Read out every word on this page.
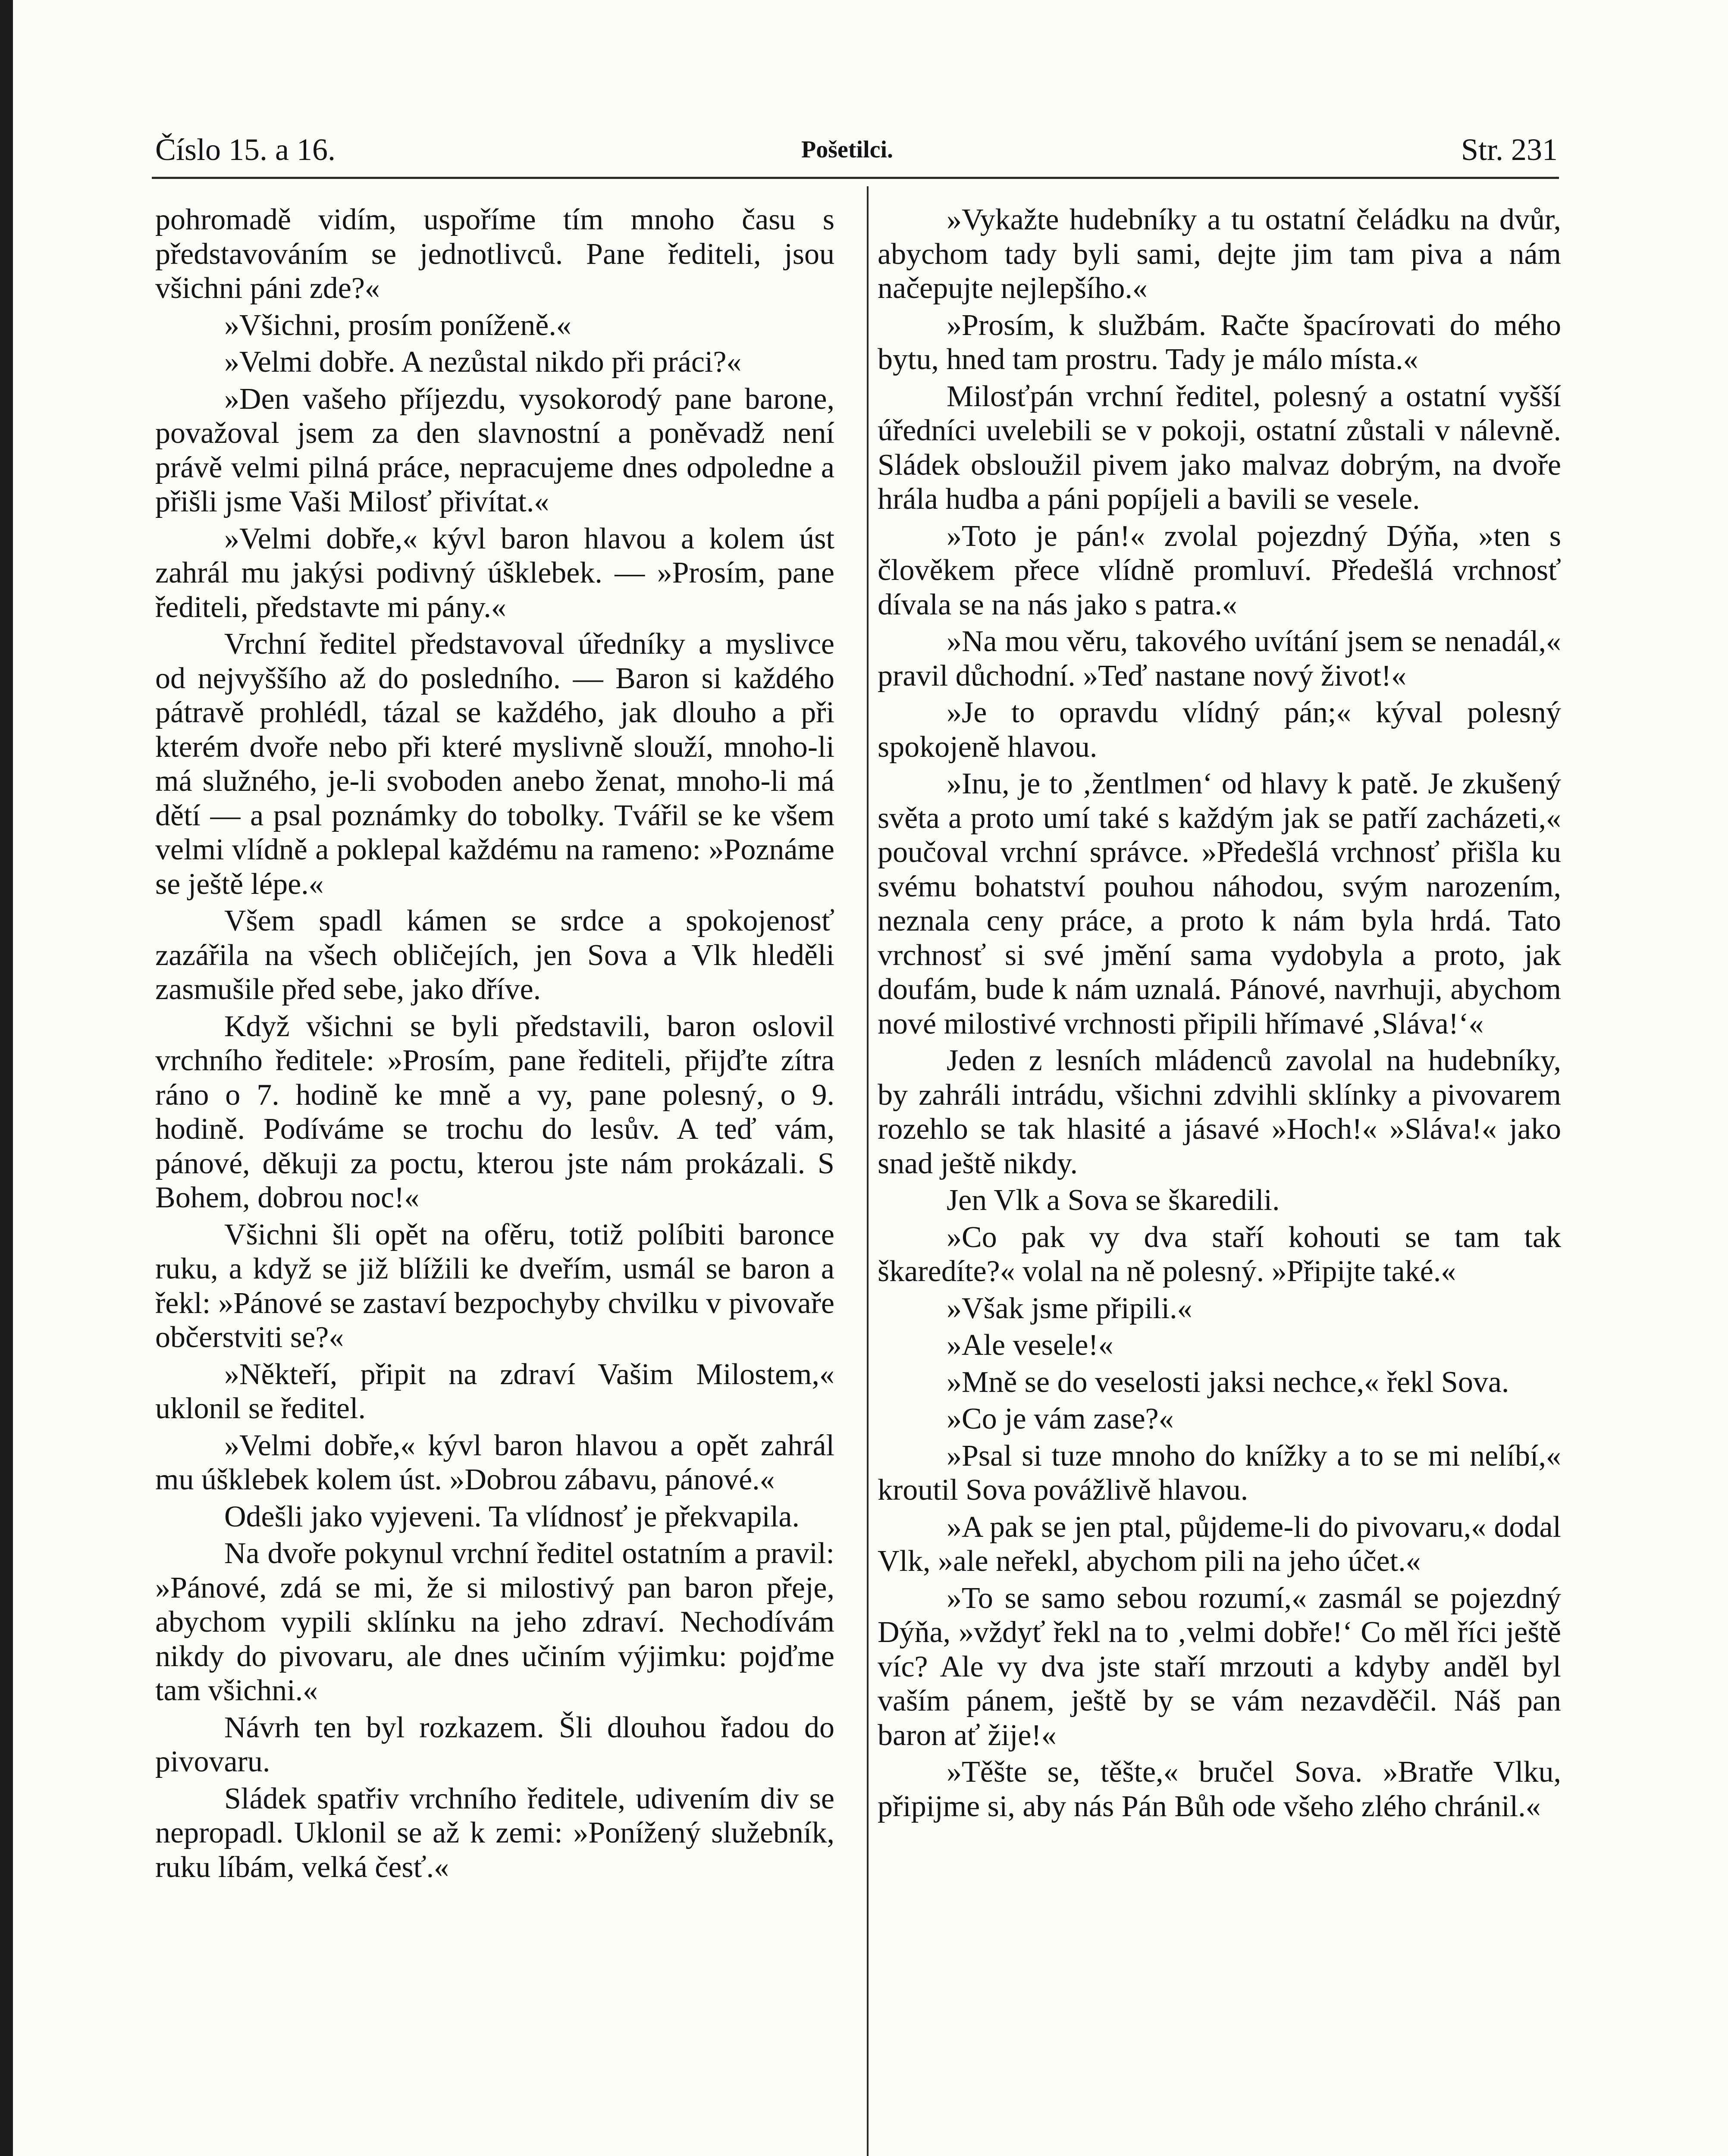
Číslo 15. a 16.	Pošetilci.	Str. 231

pohromadě vidím, uspoříme tím mnoho času s představováním se jednotlivců. Pane řediteli, jsou všichni páni zde?«

»Všichni, prosím poníženě.«

»Velmi dobře. A nezůstal nikdo při práci?«

»Den vašeho příjezdu, vysokorodý pane barone, považoval jsem za den slavnostní a poněvadž není právě velmi pilná práce, nepracujeme dnes odpoledne a přišli jsme Vaši Milosť přivítat.«

»Velmi dobře,« kývl baron hlavou a kolem úst zahrál mu jakýsi podivný úšklebek. — »Prosím, pane řediteli, představte mi pány.«

Vrchní ředitel představoval úředníky a myslivce od nejvyššího až do posledního. — Baron si každého pátravě prohlédl, tázal se každého, jak dlouho a při kterém dvoře nebo při které myslivně slouží, mnoho-li má služného, je-li svoboden anebo ženat, mnoho-li má dětí — a psal poznámky do tobolky. Tvářil se ke všem velmi vlídně a poklepal každému na rameno: »Poznáme se ještě lépe.«

Všem spadl kámen se srdce a spokojenosť zazářila na všech obličejích, jen Sova a Vlk hleděli zasmušile před sebe, jako dříve.

Když všichni se byli představili, baron oslovil vrchního ředitele: »Prosím, pane řediteli, přijďte zítra ráno o 7. hodině ke mně a vy, pane polesný, o 9. hodině. Podíváme se trochu do lesův. A teď vám, pánové, děkuji za poctu, kterou jste nám prokázali. S Bohem, dobrou noc!«

Všichni šli opět na ofěru, totiž políbiti baronce ruku, a když se již blížili ke dveřím, usmál se baron a řekl: »Pánové se zastaví bezpochyby chvilku v pivovaře občerstviti se?«

»Někteří, připit na zdraví Vašim Milostem,« uklonil se ředitel.

»Velmi dobře,« kývl baron hlavou a opět zahrál mu úšklebek kolem úst. »Dobrou zábavu, pánové.«

Odešli jako vyjeveni. Ta vlídnosť je překvapila.

Na dvoře pokynul vrchní ředitel ostatním a pravil: »Pánové, zdá se mi, že si milostivý pan baron přeje, abychom vypili sklínku na jeho zdraví. Nechodívám nikdy do pivovaru, ale dnes učiním výjimku: pojďme tam všichni.«

Návrh ten byl rozkazem. Šli dlouhou řadou do pivovaru.

Sládek spatřiv vrchního ředitele, udivením div se nepropadl. Uklonil se až k zemi: »Ponížený služebník, ruku líbám, velká česť.«

»Vykažte hudebníky a tu ostatní čeládku na dvůr, abychom tady byli sami, dejte jim tam piva a nám načepujte nejlepšího.«

»Prosím, k službám. Račte špacírovati do mého bytu, hned tam prostru. Tady je málo místa.«

Milosťpán vrchní ředitel, polesný a ostatní vyšší úředníci uvelebili se v pokoji, ostatní zůstali v nálevně. Sládek obsloužil pivem jako malvaz dobrým, na dvoře hrála hudba a páni popíjeli a bavili se vesele.

»Toto je pán!« zvolal pojezdný Dýňa, »ten s člověkem přece vlídně promluví. Předešlá vrchnosť dívala se na nás jako s patra.«

»Na mou věru, takového uvítání jsem se nenadál,« pravil důchodní. »Teď nastane nový život!«

»Je to opravdu vlídný pán;« kýval polesný spokojeně hlavou.

»Inu, je to ‚žentlmen‘ od hlavy k patě. Je zkušený světa a proto umí také s každým jak se patří zacházeti,« poučoval vrchní správce. »Předešlá vrchnosť přišla ku svému bohatství pouhou náhodou, svým narozením, neznala ceny práce, a proto k nám byla hrdá. Tato vrchnosť si své jmění sama vydobyla a proto, jak doufám, bude k nám uznalá. Pánové, navrhuji, abychom nové milostivé vrchnosti připili hřímavé ‚Sláva!‘«

Jeden z lesních mládenců zavolal na hudebníky, by zahráli intrádu, všichni zdvihli sklínky a pivovarem rozehlo se tak hlasité a jásavé »Hoch!« »Sláva!« jako snad ještě nikdy.

Jen Vlk a Sova se škaredili.

»Co pak vy dva staří kohouti se tam tak škaredíte?« volal na ně polesný. »Připijte také.«

»Však jsme připili.«

»Ale vesele!«

»Mně se do veselosti jaksi nechce,« řekl Sova.

»Co je vám zase?«

»Psal si tuze mnoho do knížky a to se mi nelíbí,« kroutil Sova povážlivě hlavou.

»A pak se jen ptal, půjdeme-li do pivovaru,« dodal Vlk, »ale neřekl, abychom pili na jeho účet.«

»To se samo sebou rozumí,« zasmál se pojezdný Dýňa, »vždyť řekl na to ‚velmi dobře!‘ Co měl říci ještě víc? Ale vy dva jste staří mrzouti a kdyby anděl byl vaším pánem, ještě by se vám nezavděčil. Náš pan baron ať žije!«

»Těšte se, těšte,« bručel Sova. »Bratře Vlku, připijme si, aby nás Pán Bůh ode všeho zlého chránil.«
